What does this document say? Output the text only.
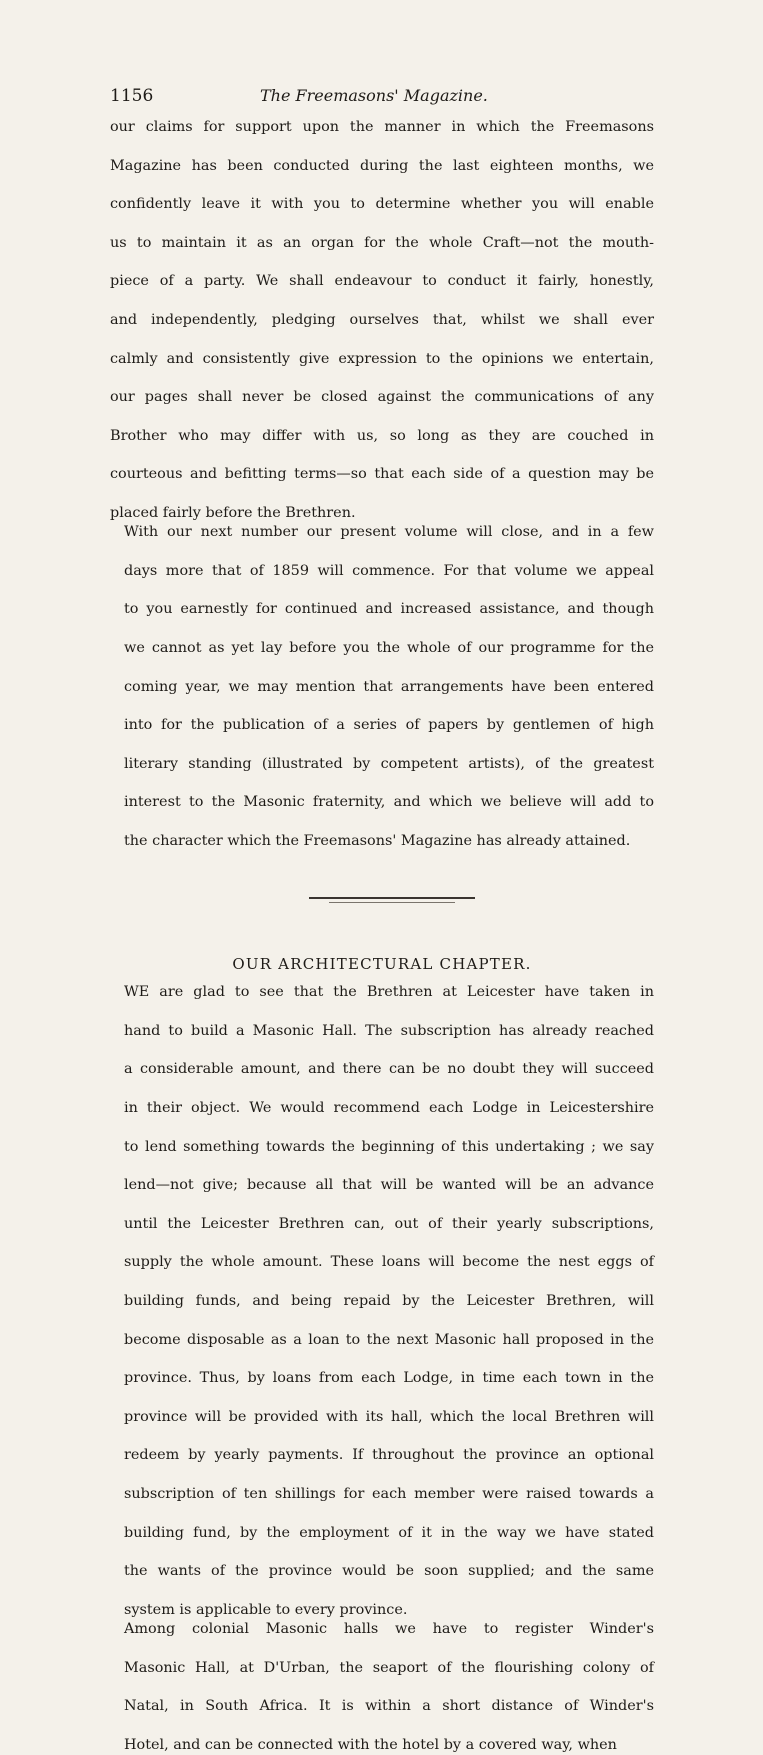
1156	The Freemasons' Magazine.

our claims for support upon the manner in which the Freemasons
Magazine has been conducted during the last eighteen months, we
confidently leave it with you to determine whether you will enable
us to maintain it as an organ for the whole Craft—not the mouth-
piece of a party. We shall endeavour to conduct it fairly, honestly,
and independently, pledging ourselves that, whilst we shall ever
calmly and consistently give expression to the opinions we entertain,
our pages shall never be closed against the communications of any
Brother who may differ with us, so long as they are couched in
courteous and befitting terms—so that each side of a question may be
placed fairly before the Brethren.

With our next number our present volume will close, and in a few
days more that of 1859 will commence. For that volume we appeal
to you earnestly for continued and increased assistance, and though
we cannot as yet lay before you the whole of our programme for the
coming year, we may mention that arrangements have been entered
into for the publication of a series of papers by gentlemen of high
literary standing (illustrated by competent artists), of the greatest
interest to the Masonic fraternity, and which we believe will add to
the character which the Freemasons' Magazine has already attained.

OUR ARCHITECTURAL CHAPTER.

WE are glad to see that the Brethren at Leicester have taken in
hand to build a Masonic Hall. The subscription has already reached
a considerable amount, and there can be no doubt they will succeed
in their object. We would recommend each Lodge in Leicestershire
to lend something towards the beginning of this undertaking ; we say
lend—not give; because all that will be wanted will be an advance
until the Leicester Brethren can, out of their yearly subscriptions,
supply the whole amount. These loans will become the nest eggs of
building funds, and being repaid by the Leicester Brethren, will
become disposable as a loan to the next Masonic hall proposed in the
province. Thus, by loans from each Lodge, in time each town in the
province will be provided with its hall, which the local Brethren will
redeem by yearly payments. If throughout the province an optional
subscription of ten shillings for each member were raised towards a
building fund, by the employment of it in the way we have stated
the wants of the province would be soon supplied; and the same
system is applicable to every province.

Among colonial Masonic halls we have to register Winder's
Masonic Hall, at D'Urban, the seaport of the flourishing colony of
Natal, in South Africa. It is within a short distance of Winder's
Hotel, and can be connected with the hotel by a covered way, when
